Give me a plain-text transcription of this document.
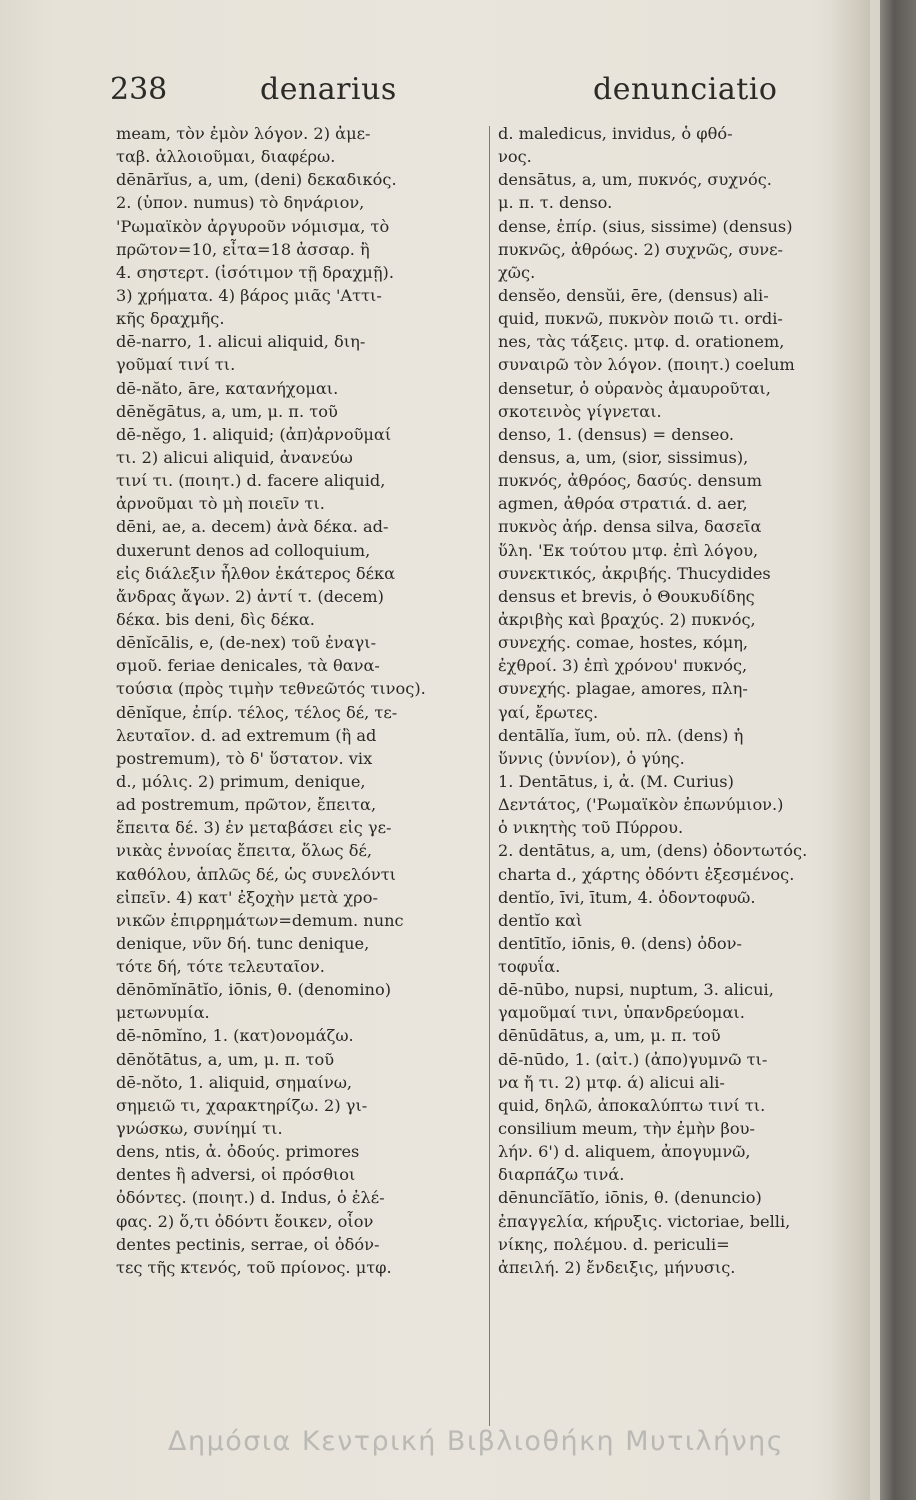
238	denarius	denunciatio
meam, τὸν ἐμὸν λόγον. 2) ἀμε-
ταβ. ἀλλοιοῦμαι, διαφέρω.
dēnārĭus, a, um, (deni) δεκαδικός.
2. (ὑπον. numus) τὸ δηνάριον,
'Ρωμαϊκὸν ἀργυροῦν νόμισμα, τὸ
πρῶτον=10, εἶτα=18 ἀσσαρ. ἢ
4. σηστερτ. (ἰσότιμον τῇ δραχμῇ).
3) χρήματα. 4) βάρος μιᾶς 'Αττι-
κῆς δραχμῆς.
dē-narro, 1. alicui aliquid, διη-
γοῦμαί τινί τι.
dē-năto, āre, κατανήχομαι.
dēnĕgātus, a, um, μ. π. τοῦ
dē-nĕgo, 1. aliquid; (ἀπ)ἀρνοῦμαί
τι. 2) alicui aliquid, ἀνανεύω
τινί τι. (ποιητ.) d. facere aliquid,
ἀρνοῦμαι τὸ μὴ ποιεῖν τι.
dēni, ae, a. decem) ἀνὰ δέκα. ad-
duxerunt denos ad colloquium,
εἰς διάλεξιν ἦλθον ἑκάτερος δέκα
ἄνδρας ἄγων. 2) ἀντί τ. (decem)
δέκα. bis deni, δὶς δέκα.
dēnĭcālis, e, (de-nex) τοῦ ἐναγι-
σμοῦ. feriae denicales, τὰ θανα-
τούσια (πρὸς τιμὴν τεθνεῶτός τινος).
dēnĭque, ἐπίρ. τέλος, τέλος δέ, τε-
λευταῖον. d. ad extremum (ἢ ad
postremum), τὸ δ' ὕστατον. vix
d., μόλις. 2) primum, denique,
ad postremum, πρῶτον, ἔπειτα,
ἔπειτα δέ. 3) ἐν μεταβάσει εἰς γε-
νικὰς ἐννοίας ἔπειτα, ὅλως δέ,
καθόλου, ἁπλῶς δέ, ὡς συνελόντι
εἰπεῖν. 4) κατ' ἐξοχὴν μετὰ χρο-
νικῶν ἐπιρρημάτων=demum. nunc
denique, νῦν δή. tunc denique,
τότε δή, τότε τελευταῖον.
dēnōmĭnātĭo, iōnis, θ. (denomino)
μετωνυμία.
dē-nōmĭno, 1. (κατ)ονομάζω.
dēnŏtātus, a, um, μ. π. τοῦ
dē-nŏto, 1. aliquid, σημαίνω,
σημειῶ τι, χαρακτηρίζω. 2) γι-
γνώσκω, συνίημί τι.
dens, ntis, ἀ. ὀδούς. primores
dentes ἢ adversi, οἱ πρόσθιοι
ὀδόντες. (ποιητ.) d. Indus, ὁ ἐλέ-
φας. 2) ὅ,τι ὀδόντι ἔοικεν, οἷον
dentes pectinis, serrae, οἱ ὀδόν-
τες τῆς κτενός, τοῦ πρίονος. μτφ.
d. maledicus, invidus, ὁ φθό-
νος.
densātus, a, um, πυκνός, συχνός.
μ. π. τ. denso.
dense, ἐπίρ. (sius, sissime) (densus)
πυκνῶς, ἀθρόως. 2) συχνῶς, συνε-
χῶς.
densĕo, densŭi, ēre, (densus) ali-
quid, πυκνῶ, πυκνὸν ποιῶ τι. ordi-
nes, τὰς τάξεις. μτφ. d. orationem,
συναιρῶ τὸν λόγον. (ποιητ.) coelum
densetur, ὁ οὐρανὸς ἀμαυροῦται,
σκοτεινὸς γίγνεται.
denso, 1. (densus) = denseo.
densus, a, um, (sior, sissimus),
πυκνός, ἀθρόος, δασύς. densum
agmen, ἀθρόα στρατιά. d. aer,
πυκνὸς ἀήρ. densa silva, δασεῖα
ὕλη. 'Εκ τούτου μτφ. ἐπὶ λόγου,
συνεκτικός, ἀκριβής. Thucydides
densus et brevis, ὁ Θουκυδίδης
ἀκριβὴς καὶ βραχύς. 2) πυκνός,
συνεχής. comae, hostes, κόμη,
ἐχθροί. 3) ἐπὶ χρόνου' πυκνός,
συνεχής. plagae, amores, πλη-
γαί, ἔρωτες.
dentālĭa, ĭum, οὐ. πλ. (dens) ἡ
ὕννις (ὑννίον), ὁ γύης.
1. Dentātus, i, ἀ. (M. Curius)
Δεντάτος, ('Ρωμαϊκὸν ἐπωνύμιον.)
ὁ νικητὴς τοῦ Πύρρου.
2. dentātus, a, um, (dens) ὀδοντωτός.
charta d., χάρτης ὀδόντι ἐξεσμένος.
dentĭo, īvi, ītum, 4. ὀδοντοφυῶ.
dentĭo καὶ
dentītĭo, iōnis, θ. (dens) ὀδον-
τοφυΐα.
dē-nūbo, nupsi, nuptum, 3. alicui,
γαμοῦμαί τινι, ὑπανδρεύομαι.
dēnūdātus, a, um, μ. π. τοῦ
dē-nūdo, 1. (αἰτ.) (ἀπο)γυμνῶ τι-
να ἤ τι. 2) μτφ. ά) alicui ali-
quid, δηλῶ, ἀποκαλύπτω τινί τι.
consilium meum, τὴν ἐμὴν βου-
λήν. 6') d. aliquem, ἀπογυμνῶ,
διαρπάζω τινά.
dēnuncĭātĭo, iōnis, θ. (denuncio)
ἐπαγγελία, κήρυξις. victoriae, belli,
νίκης, πολέμου. d. periculi=
ἀπειλή. 2) ἔνδειξις, μήνυσις.
Δημόσια Κεντρική Βιβλιοθήκη Μυτιλήνης
